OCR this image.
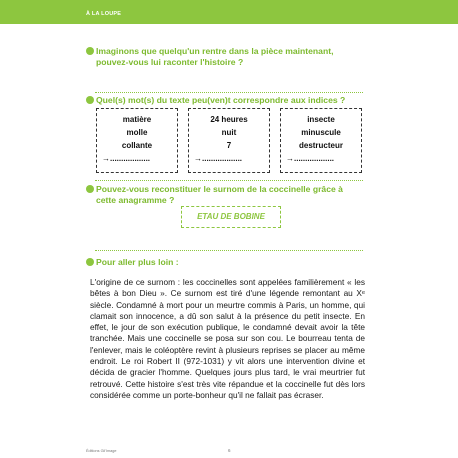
À LA LOUPE
Imaginons que quelqu'un rentre dans la pièce maintenant,
pouvez-vous lui raconter l'histoire ?
Quel(s) mot(s) du texte peu(ven)t correspondre aux indices ?
matière
molle
collante
→..................
24 heures
nuit
7
→..................
insecte
minuscule
destructeur
→..................
Pouvez-vous reconstituer le surnom de la coccinelle grâce à
cette anagramme ?
ETAU DE BOBINE
Pour aller plus loin :

L'origine de ce surnom : les coccinelles sont appelées familièrement « les bêtes à bon Dieu ». Ce surnom est tiré d'une légende remontant au Xᵉ siècle. Condamné à mort pour un meurtre commis à Paris, un homme, qui clamait son innocence, a dû son salut à la présence du petit insecte. En effet, le jour de son exécution publique, le condamné devait avoir la tête tranchée. Mais une coccinelle se posa sur son cou. Le bourreau tenta de l'enlever, mais le coléoptère revint à plusieurs reprises se placer au même endroit. Le roi Robert II (972-1031) y vit alors une intervention divine et décida de gracier l'homme. Quelques jours plus tard, le vrai meurtrier fut retrouvé. Cette histoire s'est très vite répandue et la coccinelle fut dès lors considérée comme un porte-bonheur qu'il ne fallait pas écraser.

Éditions Gil'Image	6
